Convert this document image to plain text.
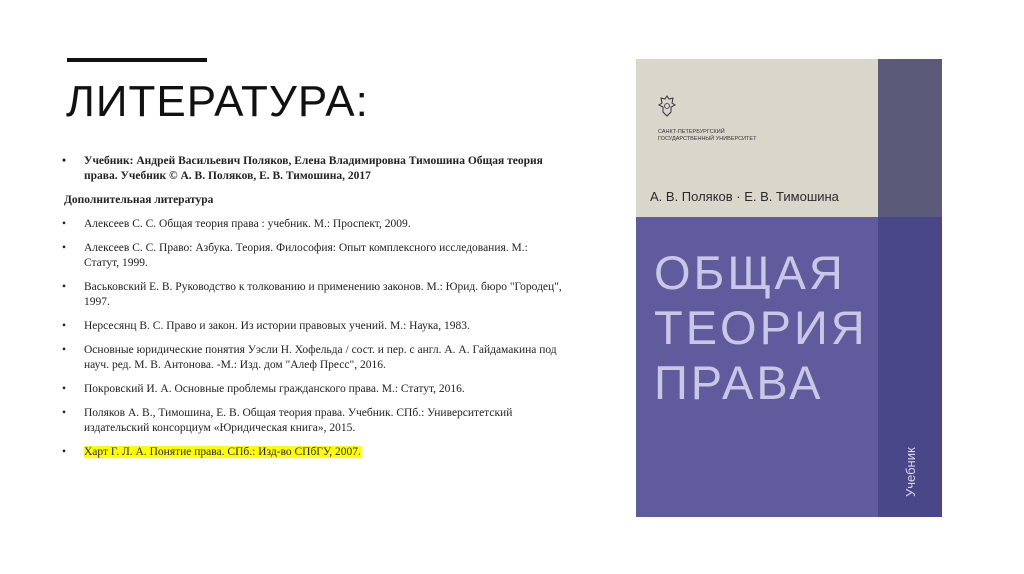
ЛИТЕРАТУРА:
• Учебник: Андрей Васильевич Поляков, Елена Владимировна Тимошина Общая теория права. Учебник © А. В. Поляков, Е. В. Тимошина, 2017
Дополнительная литература
• Алексеев С. С. Общая теория права : учебник. М.: Проспект, 2009.
• Алексеев С. С. Право: Азбука. Теория. Философия: Опыт комплексного исследования. М.: Статут, 1999.
• Васьковский Е. В. Руководство к толкованию и применению законов. М.: Юрид. бюро "Городец", 1997.
• Нерсесянц В. С. Право и закон. Из истории правовых учений. М.: Наука, 1983.
• Основные юридические понятия Уэсли Н. Хофельда / сост. и пер. с англ. А. А. Гайдамакина под науч. ред. М. В. Антонова. -М.: Изд. дом "Алеф Пресс", 2016.
• Покровский И. А. Основные проблемы гражданского права. М.: Статут, 2016.
• Поляков А. В., Тимошина, Е. В. Общая теория права. Учебник. СПб.: Университетский издательский консорциум «Юридическая книга», 2015.
• Харт Г. Л. А. Понятие права. СПб.: Изд-во СПбГУ, 2007.
САНКТ-ПЕТЕРБУРГСКИЙ ГОСУДАРСТВЕННЫЙ УНИВЕРСИТЕТ
А. В. Поляков · Е. В. Тимошина
ОБЩАЯ
ТЕОРИЯ
ПРАВА
Учебник
